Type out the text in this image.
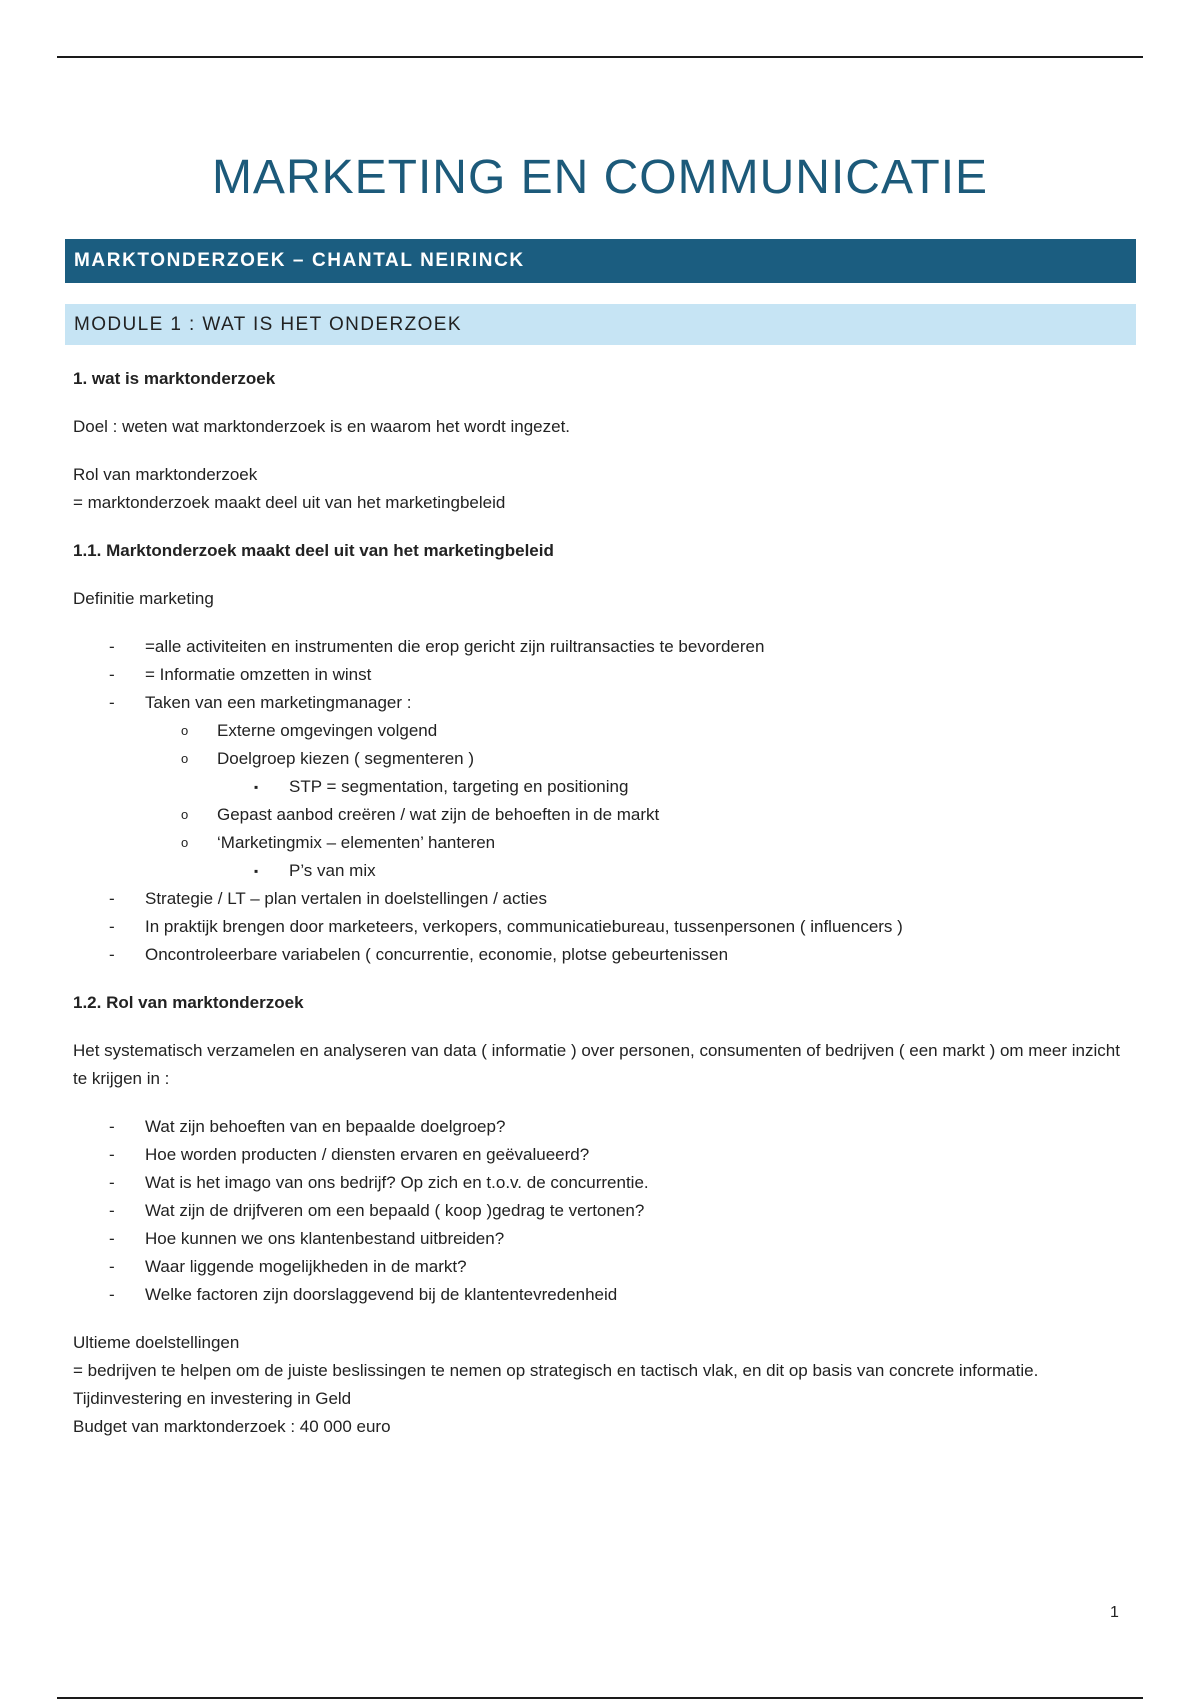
MARKETING EN COMMUNICATIE
MARKTONDERZOEK – CHANTAL NEIRINCK
MODULE 1 : WAT IS HET ONDERZOEK

1. wat is marktonderzoek

Doel : weten wat marktonderzoek is en waarom het wordt ingezet.

Rol van marktonderzoek
= marktonderzoek maakt deel uit van het marketingbeleid

1.1. Marktonderzoek maakt deel uit van het marketingbeleid

Definitie marketing

- =alle activiteiten en instrumenten die erop gericht zijn ruiltransacties te bevorderen
- = Informatie omzetten in winst
- Taken van een marketingmanager :
o Externe omgevingen volgend
o Doelgroep kiezen ( segmenteren )
▪ STP = segmentation, targeting en positioning
o Gepast aanbod creëren / wat zijn de behoeften in de markt
o ‘Marketingmix – elementen’ hanteren
▪ P’s van mix
- Strategie / LT – plan vertalen in doelstellingen / acties
- In praktijk brengen door marketeers, verkopers, communicatiebureau, tussenpersonen ( influencers )
- Oncontroleerbare variabelen ( concurrentie, economie, plotse gebeurtenissen

1.2. Rol van marktonderzoek

Het systematisch verzamelen en analyseren van data ( informatie ) over personen, consumenten of bedrijven ( een markt ) om meer inzicht te krijgen in :

- Wat zijn behoeften van en bepaalde doelgroep?
- Hoe worden producten / diensten ervaren en geëvalueerd?
- Wat is het imago van ons bedrijf? Op zich en t.o.v. de concurrentie.
- Wat zijn de drijfveren om een bepaald ( koop )gedrag te vertonen?
- Hoe kunnen we ons klantenbestand uitbreiden?
- Waar liggende mogelijkheden in de markt?
- Welke factoren zijn doorslaggevend bij de klantentevredenheid

Ultieme doelstellingen
= bedrijven te helpen om de juiste beslissingen te nemen op strategisch en tactisch vlak, en dit op basis van concrete informatie.
Tijdinvestering en investering in Geld
Budget van marktonderzoek : 40 000 euro

1
